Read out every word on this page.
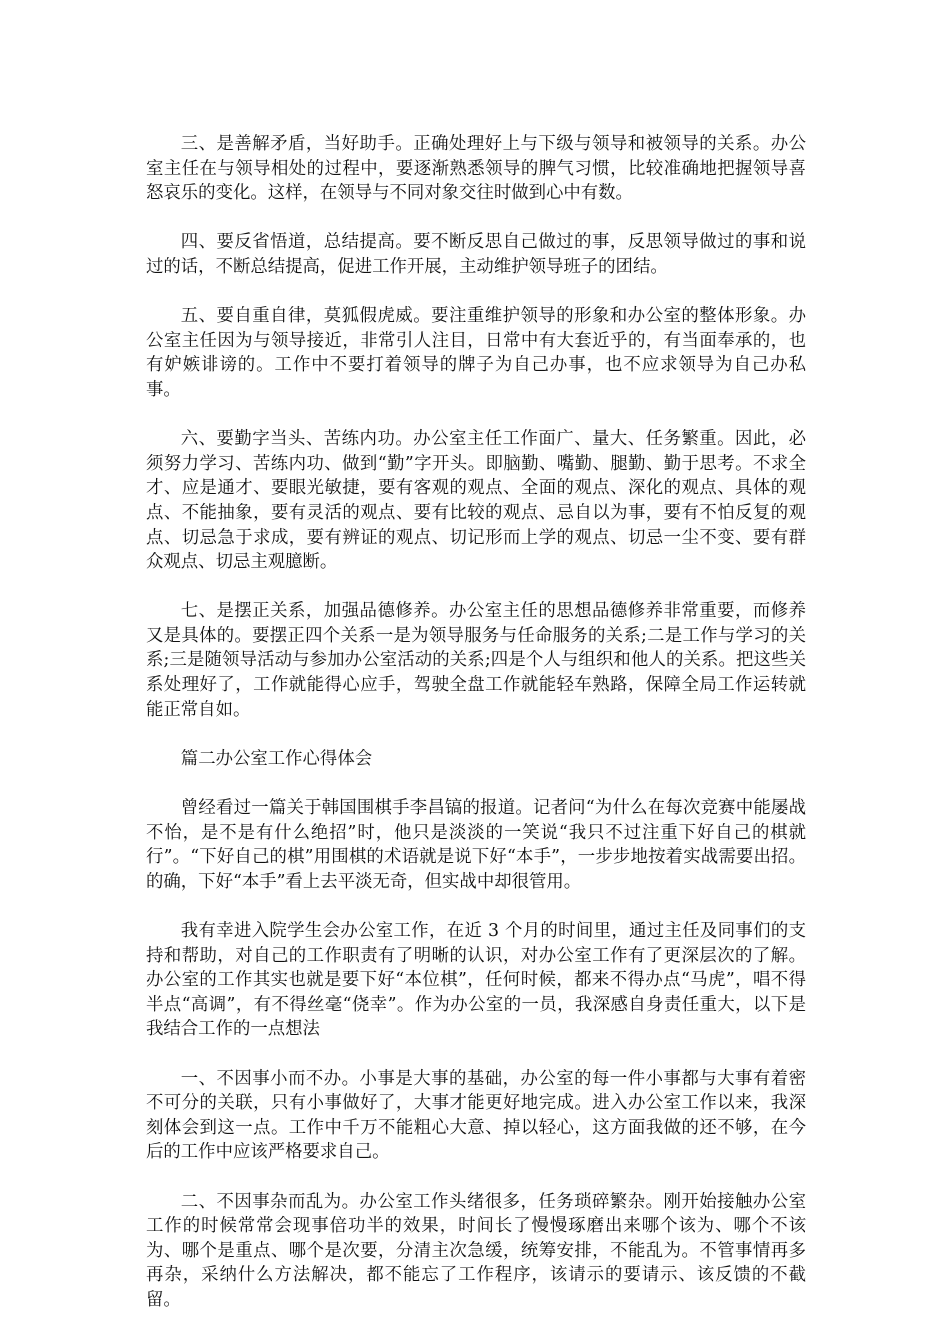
三、是善解矛盾，当好助手。正确处理好上与下级与领导和被领导的关系。办公室主任在与领导相处的过程中，要逐渐熟悉领导的脾气习惯，比较准确地把握领导喜怒哀乐的变化。这样，在领导与不同对象交往时做到心中有数。

四、要反省悟道，总结提高。要不断反思自己做过的事，反思领导做过的事和说过的话，不断总结提高，促进工作开展，主动维护领导班子的团结。

五、要自重自律，莫狐假虎威。要注重维护领导的形象和办公室的整体形象。办公室主任因为与领导接近，非常引人注目，日常中有大套近乎的，有当面奉承的，也有妒嫉诽谤的。工作中不要打着领导的牌子为自己办事，也不应求领导为自己办私事。

六、要勤字当头、苦练内功。办公室主任工作面广、量大、任务繁重。因此，必须努力学习、苦练内功、做到“勤”字开头。即脑勤、嘴勤、腿勤、勤于思考。不求全才、应是通才、要眼光敏捷，要有客观的观点、全面的观点、深化的观点、具体的观点、不能抽象，要有灵活的观点、要有比较的观点、忌自以为事，要有不怕反复的观点、切忌急于求成，要有辨证的观点、切记形而上学的观点、切忌一尘不变、要有群众观点、切忌主观臆断。

七、是摆正关系，加强品德修养。办公室主任的思想品德修养非常重要，而修养又是具体的。要摆正四个关系一是为领导服务与任命服务的关系;二是工作与学习的关系;三是随领导活动与参加办公室活动的关系;四是个人与组织和他人的关系。把这些关系处理好了，工作就能得心应手，驾驶全盘工作就能轻车熟路，保障全局工作运转就能正常自如。

篇二办公室工作心得体会

曾经看过一篇关于韩国围棋手李昌镐的报道。记者问“为什么在每次竞赛中能屡战不怡，是不是有什么绝招”时，他只是淡淡的一笑说“我只不过注重下好自己的棋就行”。“下好自己的棋”用围棋的术语就是说下好“本手”，一步步地按着实战需要出招。的确，下好“本手”看上去平淡无奇，但实战中却很管用。

我有幸进入院学生会办公室工作，在近 3 个月的时间里，通过主任及同事们的支持和帮助，对自己的工作职责有了明晰的认识，对办公室工作有了更深层次的了解。办公室的工作其实也就是要下好“本位棋”，任何时候，都来不得办点“马虎”，唱不得半点“高调”，有不得丝毫“侥幸”。作为办公室的一员，我深感自身责任重大，以下是我结合工作的一点想法

一、不因事小而不办。小事是大事的基础，办公室的每一件小事都与大事有着密不可分的关联，只有小事做好了，大事才能更好地完成。进入办公室工作以来，我深刻体会到这一点。工作中千万不能粗心大意、掉以轻心，这方面我做的还不够，在今后的工作中应该严格要求自己。

二、不因事杂而乱为。办公室工作头绪很多，任务琐碎繁杂。刚开始接触办公室工作的时候常常会现事倍功半的效果，时间长了慢慢琢磨出来哪个该为、哪个不该为、哪个是重点、哪个是次要，分清主次急缓，统筹安排，不能乱为。不管事情再多再杂，采纳什么方法解决，都不能忘了工作程序，该请示的要请示、该反馈的不截留。
